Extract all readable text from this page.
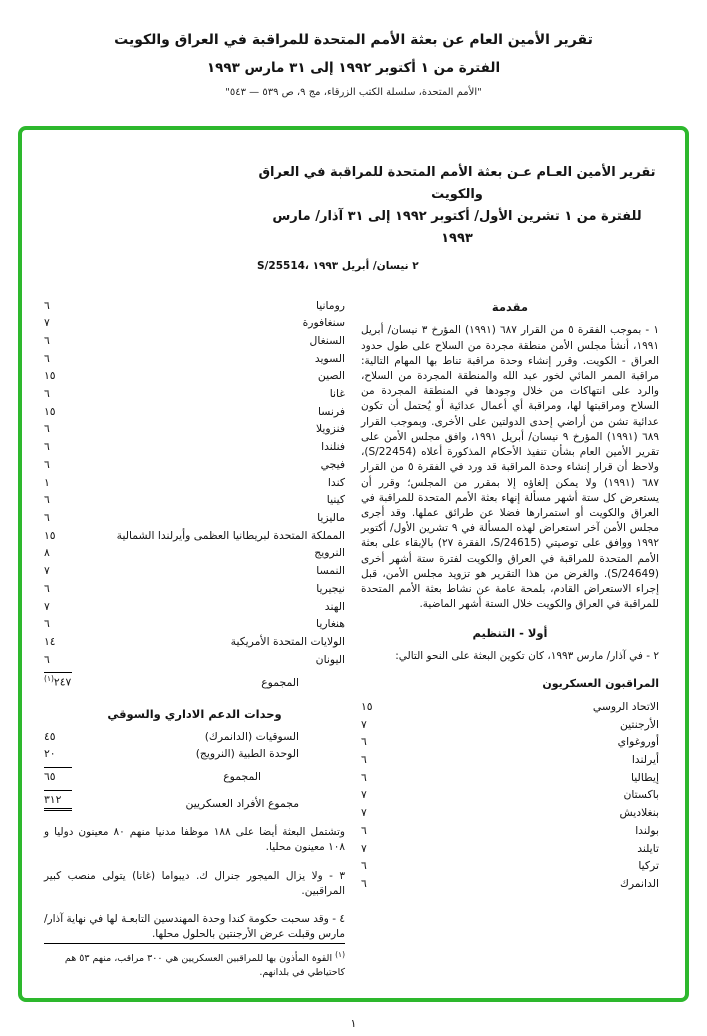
تقرير الأمين العام عن بعثة الأمم المتحدة للمراقبة في العراق والكويت
الفترة من ١ أكتوبر ١٩٩٢ إلى ٣١ مارس ١٩٩٣
"الأمم المتحدة، سلسلة الكتب الزرقاء، مج ٩، ص ٥٣٩ — ٥٤٣"
تقرير الأمين العـام عـن بعثة الأمم المتحدة للمراقبة في العراق والكويت
للفترة من ١ تشرين الأول/ أكتوبر ١٩٩٢ إلى ٣١ آذار/ مارس ١٩٩٣
S/25514، ٢ نيسان/ أبريل ١٩٩٣
مقدمة

١ - بموجب الفقرة ٥ من القرار ٦٨٧ (١٩٩١) المؤرخ ٣ نيسان/ أبريل ١٩٩١، أنشأ مجلس الأمن منطقة مجردة من السلاح على طول حدود العراق - الكويت. وقرر إنشاء وحدة مراقبة تناط بها المهام التالية: مراقبة الممر المائي لخور عبد الله والمنطقة المجردة من السلاح، والرد على انتهاكات من خلال وجودها في المنطقة المجردة من السلاح ومراقبتها لها، ومراقبة أي أعمال عدائية أو يُحتمل أن تكون عدائية تشن من أراضي إحدى الدولتين على الأخرى. وبموجب القرار ٦٨٩ (١٩٩١) المؤرخ ٩ نيسان/ أبريل ١٩٩١، وافق مجلس الأمن على تقرير الأمين العام بشأن تنفيذ الأحكام المذكورة أعلاه (S/22454)، ولاحظ أن قرار إنشاء وحدة المراقبة قد ورد في الفقرة ٥ من القرار ٦٨٧ (١٩٩١) ولا يمكن إلغاؤه إلا بمقرر من المجلس؛ وقرر أن يستعرض كل ستة أشهر مسألة إنهاء بعثة الأمم المتحدة للمراقبة في العراق والكويت أو استمرارها فضلا عن طرائق عملها. وقد أجرى مجلس الأمن آخر استعراض لهذه المسألة في ٩ تشرين الأول/ أكتوبر ١٩٩٢ ووافق على توصيتي (S/24615، الفقرة ٢٧) بالإبقاء على بعثة الأمم المتحدة للمراقبة في العراق والكويت لفترة ستة أشهر أخرى (S/24649). والغرض من هذا التقرير هو تزويد مجلس الأمن، قبل إجراء الاستعراض القادم، بلمحة عامة عن نشاط بعثة الأمم المتحدة للمراقبة في العراق والكويت خلال الستة أشهر الماضية.

أولا - التنظيم

٢ - في آذار/ مارس ١٩٩٣، كان تكوين البعثة على النحو التالي:

المراقبون العسكريون
الاتحاد الروسي
١٥
الأرجنتين
٧
أوروغواي
٦
أيرلندا
٦
إيطاليا
٦
باكستان
٧
بنغلاديش
٧
بولندا
٦
تايلند
٧
تركيا
٦
الدانمرك
٦
رومانيا
٦
سنغافورة
٧
السنغال
٦
السويد
٦
الصين
١٥
غانا
٦
فرنسا
١٥
فنزويلا
٦
فنلندا
٦
فيجي
٦
كندا
١
كينيا
٦
ماليزيا
٦
المملكة المتحدة لبريطانيا العظمى وأيرلندا الشمالية
١٥
النرويج
٨
النمسا
٧
نيجيريا
٦
الهند
٧
هنغاريا
٦
الولايات المتحدة الأمريكية
١٤
اليونان
٦
المجموع
٢٤٧$^{(١)}$
وحدات الدعم الاداري والسوقي
السوقيات (الدانمرك)
٤٥
الوحدة الطبية (النرويج)
٢٠
المجموع
٦٥
مجموع الأفراد العسكريين
٣١٢

وتشتمل البعثة أيضا على ١٨٨ موظفا مدنيا منهم ٨٠ معينون دوليا و ١٠٨ معينون محليا.

٣ - ولا يزال الميجور جنرال ك. ديبواما (غانا) يتولى منصب كبير المراقبين.

٤ - وقد سحبت حكومة كندا وحدة المهندسين التابعـة لها في نهاية آذار/ مارس وقبلت عرض الأرجنتين بالحلول محلها.

$^{(١)}$القوة المأذون بها للمراقبين العسكريين هي ٣٠٠ مراقب، منهم ٥٣ هم كاحتياطي في بلدانهم.
١
